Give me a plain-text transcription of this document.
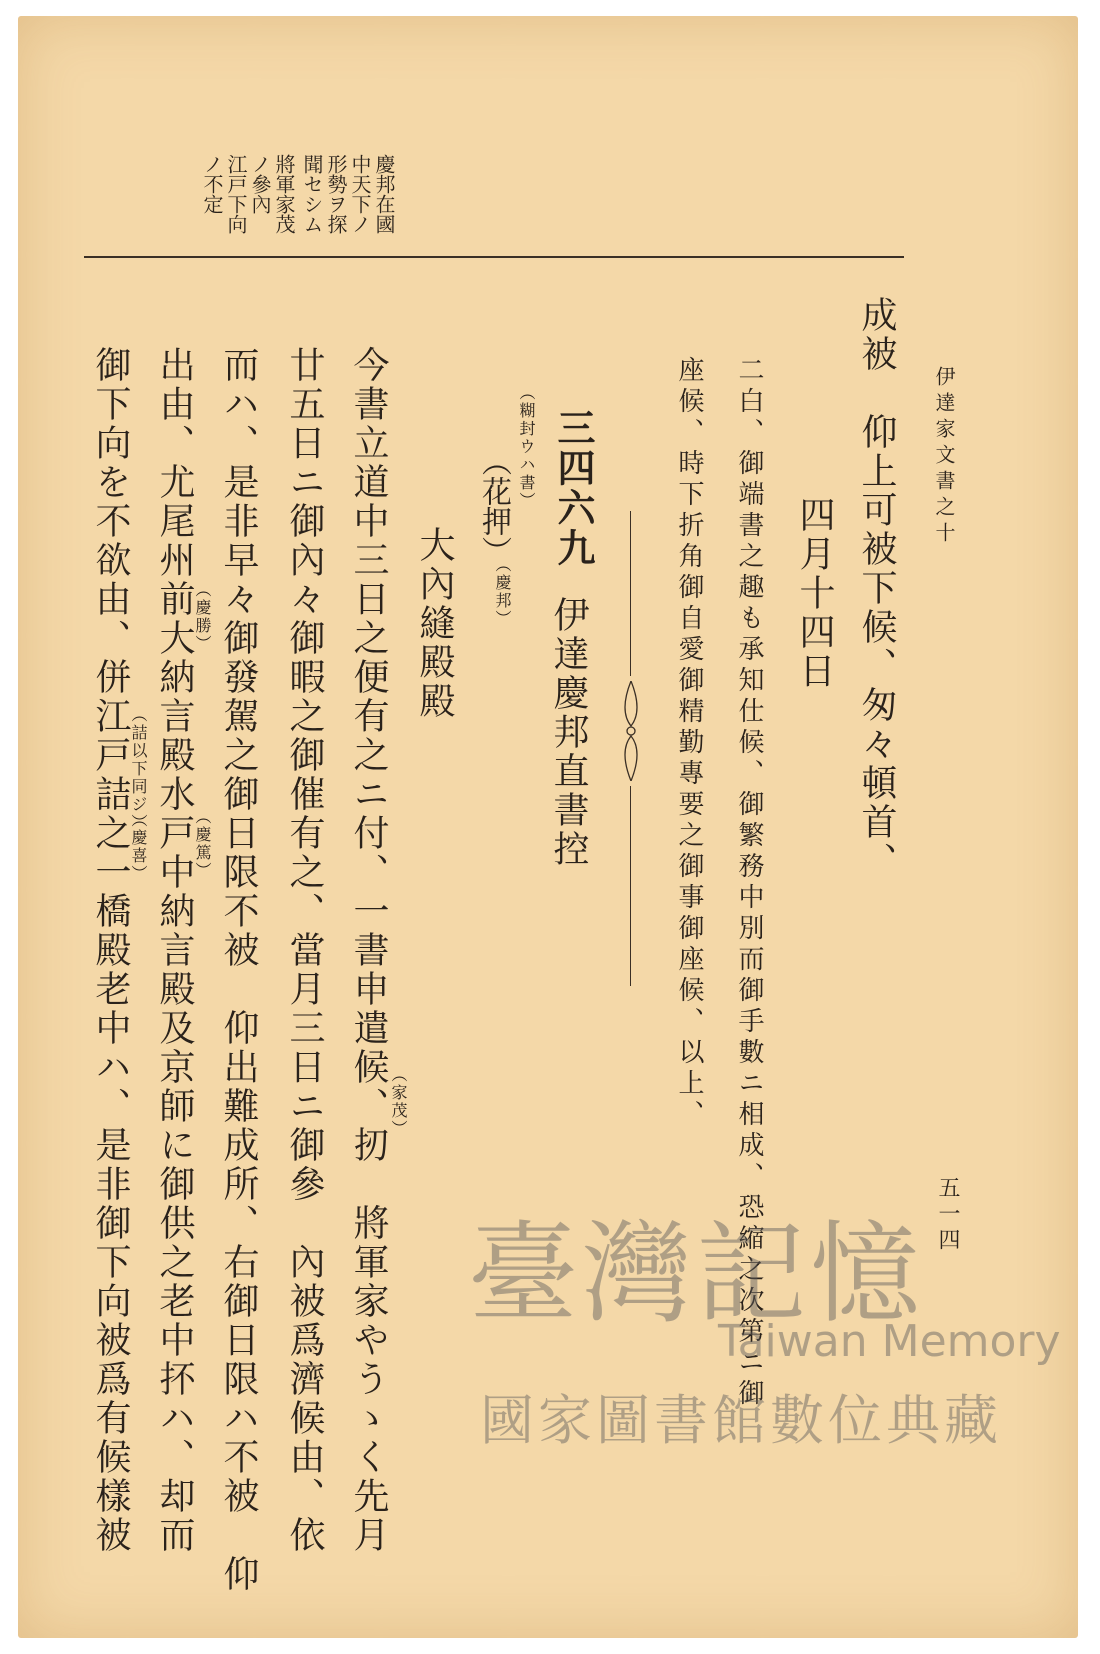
慶邦在國
中天下ノ
形勢ヲ探
聞セシム
將軍家茂
ノ參內
江戸下向
ノ不定
伊達家文書之十
五一四
成被　仰上可被下候、匆々頓首、
四月十四日
二白、御端書之趣も承知仕候、御繁務中別而御手數ニ相成、恐縮之次第ニ御
座候、時下折角御自愛御精勤專要之御事御座候、以上、
三四六九
伊達慶邦直書控
（糊封ウハ書）
（花押）
（慶邦）
大內縫殿殿
今書立道中三日之便有之ニ付、一書申遣候、扨　將軍家やうゝく先月
廿五日ニ御內々御暇之御催有之、當月三日ニ御參　內被爲濟候由、依
而ハ、是非早々御發駕之御日限不被　仰出難成所、右御日限ハ不被　仰
出由、尤尾州前大納言殿水戸中納言殿及京師に御供之老中抔ハ、却而
御下向を不欲由、併江戸詰之一橋殿老中ハ、是非御下向被爲有候樣被	（家茂）
（慶勝）
（慶篤）
（詰以下同ジ）
（慶喜）
臺灣記憶
Taiwan Memory
國家圖書館數位典藏
